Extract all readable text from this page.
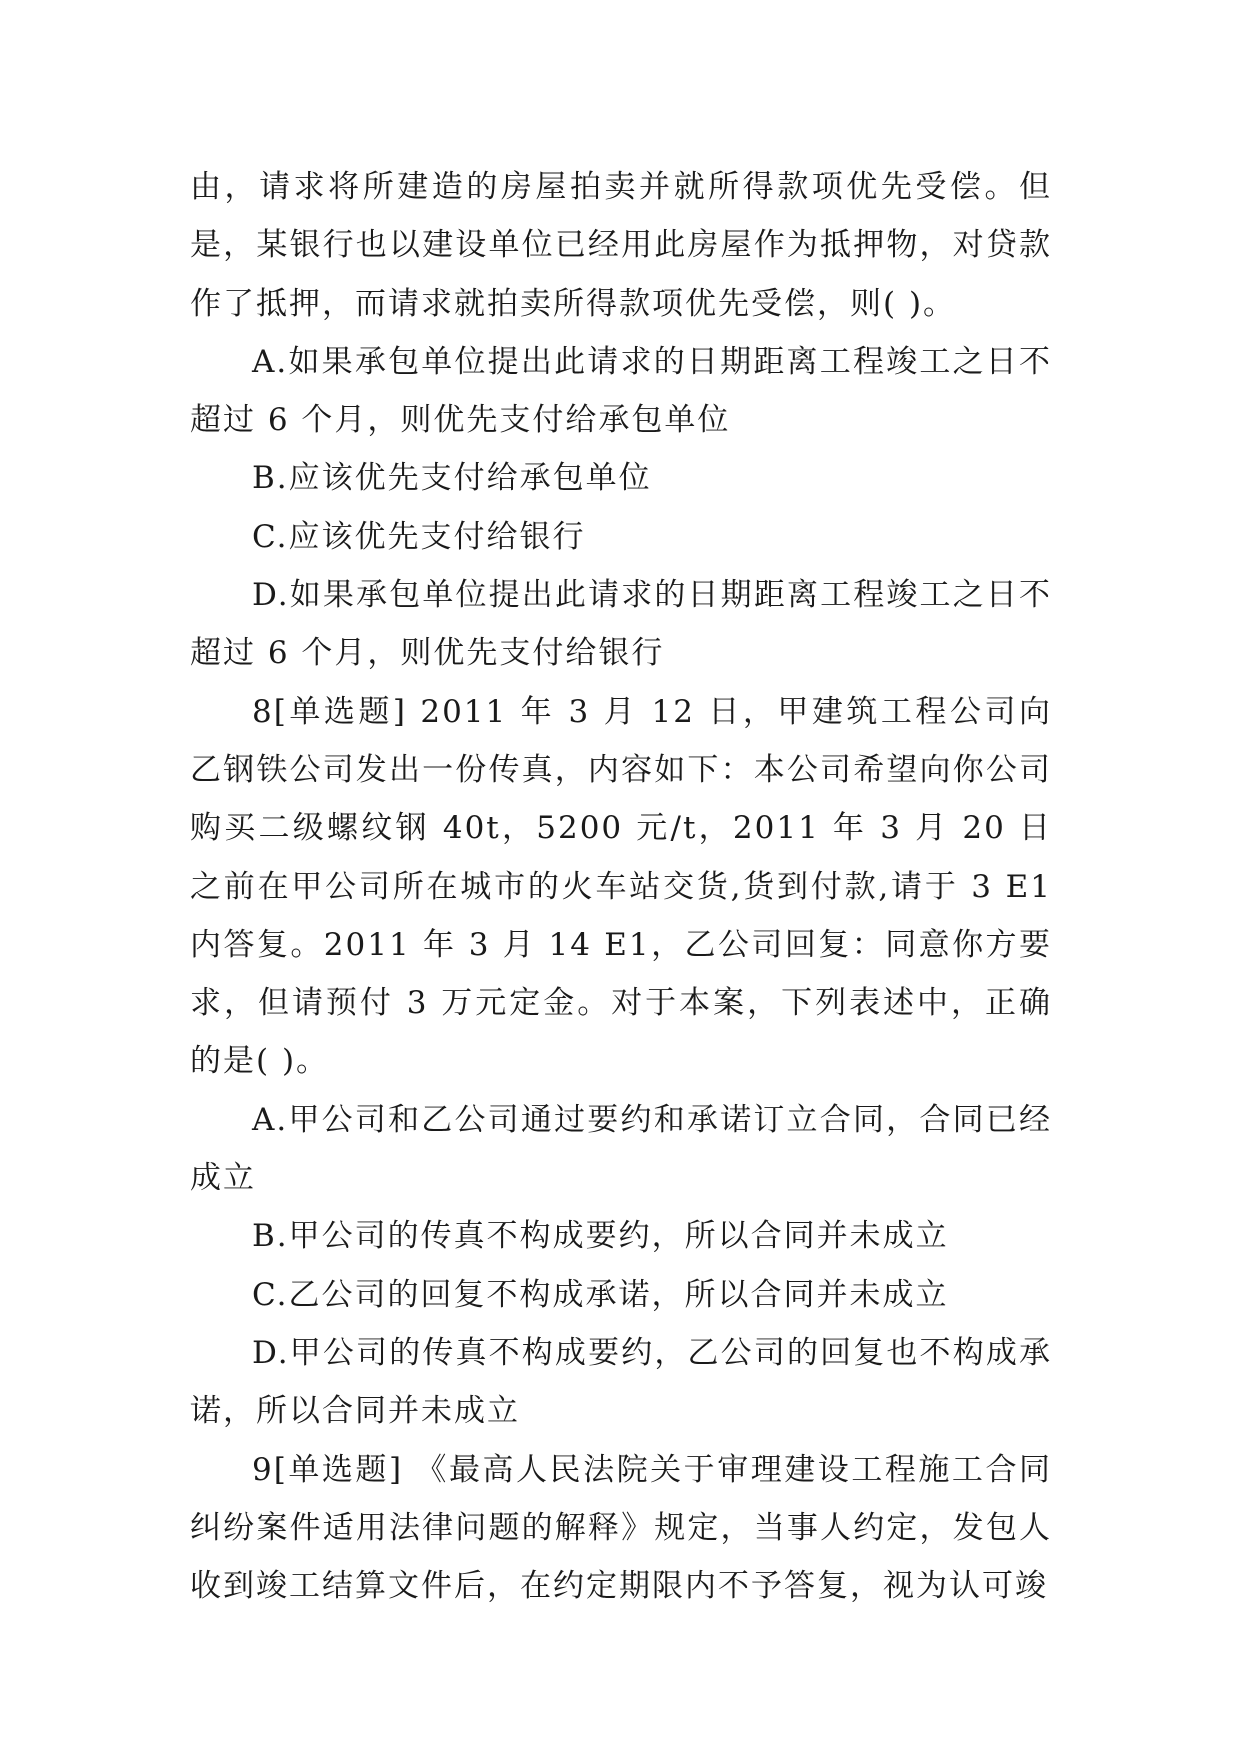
由，请求将所建造的房屋拍卖并就所得款项优先受偿。但是，某银行也以建设单位已经用此房屋作为抵押物，对贷款作了抵押，而请求就拍卖所得款项优先受偿，则( )。

A.如果承包单位提出此请求的日期距离工程竣工之日不超过 6 个月，则优先支付给承包单位

B.应该优先支付给承包单位

C.应该优先支付给银行

D.如果承包单位提出此请求的日期距离工程竣工之日不超过 6 个月，则优先支付给银行

8[单选题] 2011 年 3 月 12 日，甲建筑工程公司向乙钢铁公司发出一份传真，内容如下：本公司希望向你公司购买二级螺纹钢 40t，5200 元/t，2011 年 3 月 20 日之前在甲公司所在城市的火车站交货,货到付款,请于 3 E1 内答复。2011 年 3 月 14 E1，乙公司回复：同意你方要求，但请预付 3 万元定金。对于本案，下列表述中，正确的是( )。

A.甲公司和乙公司通过要约和承诺订立合同，合同已经成立

B.甲公司的传真不构成要约，所以合同并未成立

C.乙公司的回复不构成承诺，所以合同并未成立

D.甲公司的传真不构成要约，乙公司的回复也不构成承诺，所以合同并未成立

9[单选题] 《最高人民法院关于审理建设工程施工合同纠纷案件适用法律问题的解释》规定，当事人约定，发包人收到竣工结算文件后，在约定期限内不予答复，视为认可竣
